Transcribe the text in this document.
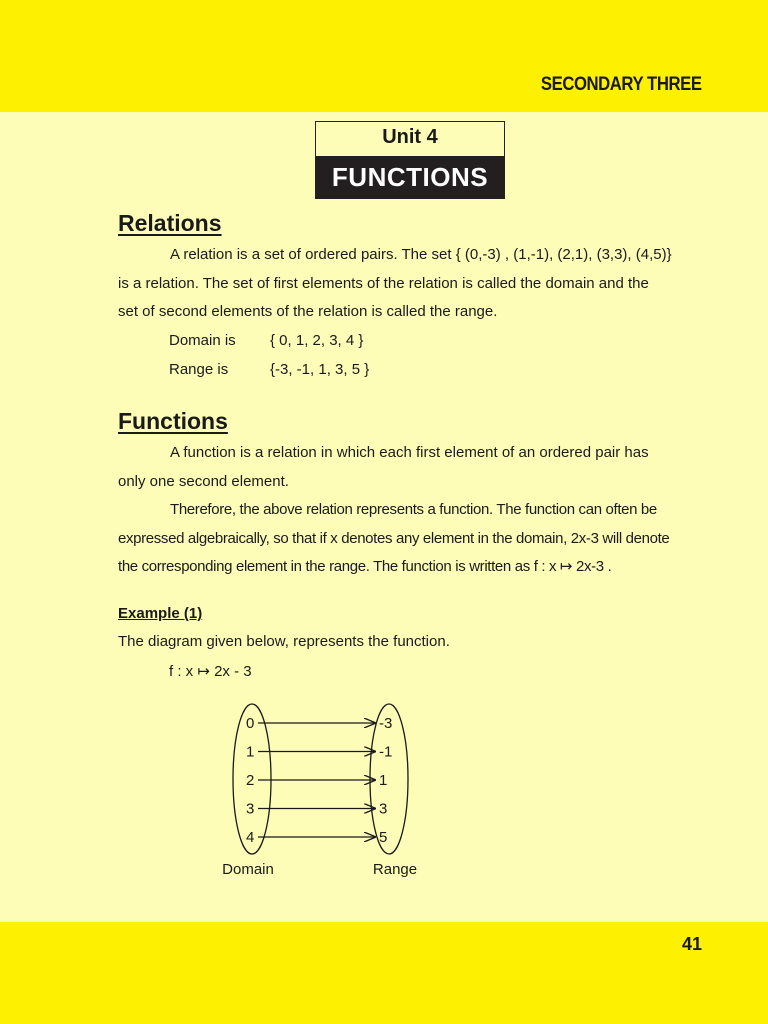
SECONDARY THREE
Unit 4
FUNCTIONS
Relations

A relation is a set of ordered pairs. The set { (0,-3) , (1,-1), (2,1), (3,3), (4,5)}
is a relation. The set of first elements of the relation is called the domain and the
set of second elements of the relation is called the range.

Domain is { 0, 1, 2, 3, 4 }
Range is	{-3, -1, 1, 3, 5 }
Functions

A function is a relation in which each first element of an ordered pair has
only one second element.

Therefore, the above relation represents a function. The function can often be
expressed algebraically, so that if x denotes any element in the domain, 2x-3 will denote
the corresponding element in the range. The function is written as f : x ↦ 2x-3 .

Example (1)
The diagram given below, represents the function.
f : x ↦ 2x - 3
0
1
2
3
4
-3
-1
1
3
5
Domain	Range
41
